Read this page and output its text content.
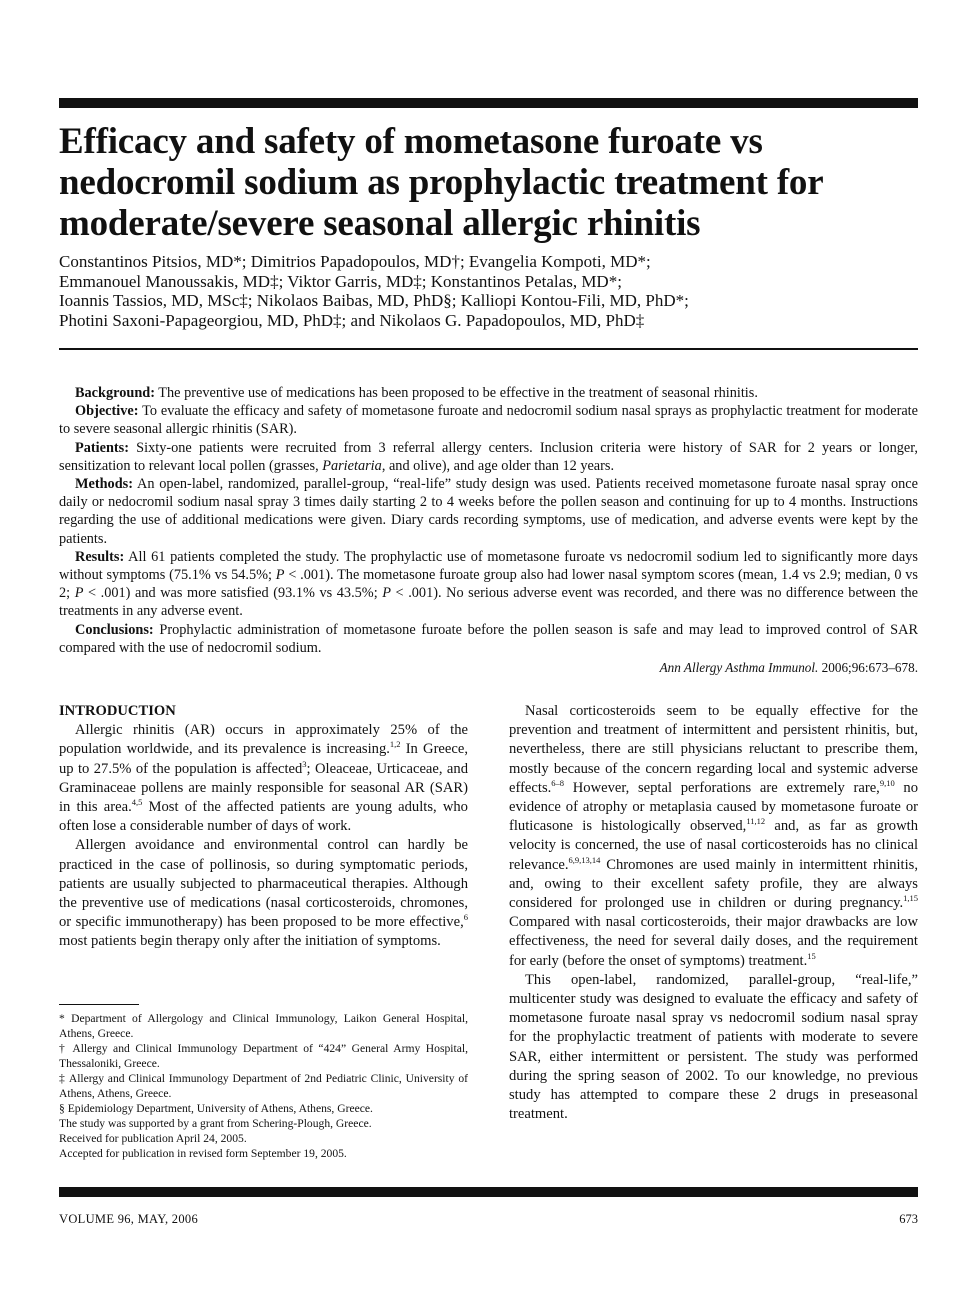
Efficacy and safety of mometasone furoate vs nedocromil sodium as prophylactic treatment for moderate/severe seasonal allergic rhinitis
Constantinos Pitsios, MD*; Dimitrios Papadopoulos, MD†; Evangelia Kompoti, MD*;
Emmanouel Manoussakis, MD‡; Viktor Garris, MD‡; Konstantinos Petalas, MD*;
Ioannis Tassios, MD, MSc‡; Nikolaos Baibas, MD, PhD§; Kalliopi Kontou-Fili, MD, PhD*;
Photini Saxoni-Papageorgiou, MD, PhD‡; and Nikolaos G. Papadopoulos, MD, PhD‡

Background: The preventive use of medications has been proposed to be effective in the treatment of seasonal rhinitis.

Objective: To evaluate the efficacy and safety of mometasone furoate and nedocromil sodium nasal sprays as prophylactic treatment for moderate to severe seasonal allergic rhinitis (SAR).

Patients: Sixty-one patients were recruited from 3 referral allergy centers. Inclusion criteria were history of SAR for 2 years or longer, sensitization to relevant local pollen (grasses, Parietaria, and olive), and age older than 12 years.

Methods: An open-label, randomized, parallel-group, “real-life” study design was used. Patients received mometasone furoate nasal spray once daily or nedocromil sodium nasal spray 3 times daily starting 2 to 4 weeks before the pollen season and continuing for up to 4 months. Instructions regarding the use of additional medications were given. Diary cards recording symptoms, use of medication, and adverse events were kept by the patients.

Results: All 61 patients completed the study. The prophylactic use of mometasone furoate vs nedocromil sodium led to significantly more days without symptoms (75.1% vs 54.5%; P < .001). The mometasone furoate group also had lower nasal symptom scores (mean, 1.4 vs 2.9; median, 0 vs 2; P < .001) and was more satisfied (93.1% vs 43.5%; P < .001). No serious adverse event was recorded, and there was no difference between the treatments in any adverse event.

Conclusions: Prophylactic administration of mometasone furoate before the pollen season is safe and may lead to improved control of SAR compared with the use of nedocromil sodium.

Ann Allergy Asthma Immunol. 2006;96:673–678.

INTRODUCTION

Allergic rhinitis (AR) occurs in approximately 25% of the population worldwide, and its prevalence is increasing.$^{1,2}$ In Greece, up to 27.5% of the population is affected$^3$; Oleaceae, Urticaceae, and Graminaceae pollens are mainly responsible for seasonal AR (SAR) in this area.$^{4,5}$ Most of the affected patients are young adults, who often lose a considerable number of days of work.

Allergen avoidance and environmental control can hardly be practiced in the case of pollinosis, so during symptomatic periods, patients are usually subjected to pharmaceutical therapies. Although the preventive use of medications (nasal corticosteroids, chromones, or specific immunotherapy) has been proposed to be more effective,$^6$ most patients begin therapy only after the initiation of symptoms.

* Department of Allergology and Clinical Immunology, Laikon General Hospital, Athens, Greece.

† Allergy and Clinical Immunology Department of “424” General Army Hospital, Thessaloniki, Greece.

‡ Allergy and Clinical Immunology Department of 2nd Pediatric Clinic, University of Athens, Athens, Greece.

§ Epidemiology Department, University of Athens, Athens, Greece.

The study was supported by a grant from Schering-Plough, Greece.

Received for publication April 24, 2005.

Accepted for publication in revised form September 19, 2005.

Nasal corticosteroids seem to be equally effective for the prevention and treatment of intermittent and persistent rhinitis, but, nevertheless, there are still physicians reluctant to prescribe them, mostly because of the concern regarding local and systemic adverse effects.$^{6-8}$ However, septal perforations are extremely rare,$^{9,10}$ no evidence of atrophy or metaplasia caused by mometasone furoate or fluticasone is histologically observed,$^{11,12}$ and, as far as growth velocity is concerned, the use of nasal corticosteroids has no clinical relevance.$^{6,9,13,14}$ Chromones are used mainly in intermittent rhinitis, and, owing to their excellent safety profile, they are always considered for prolonged use in children or during pregnancy.$^{1,15}$ Compared with nasal corticosteroids, their major drawbacks are low effectiveness, the need for several daily doses, and the requirement for early (before the onset of symptoms) treatment.$^{15}$

This open-label, randomized, parallel-group, “real-life,” multicenter study was designed to evaluate the efficacy and safety of mometasone furoate nasal spray vs nedocromil sodium nasal spray for the prophylactic treatment of patients with moderate to severe SAR, either intermittent or persistent. The study was performed during the spring season of 2002. To our knowledge, no previous study has attempted to compare these 2 drugs in preseasonal treatment.

VOLUME 96, MAY, 2006	673
